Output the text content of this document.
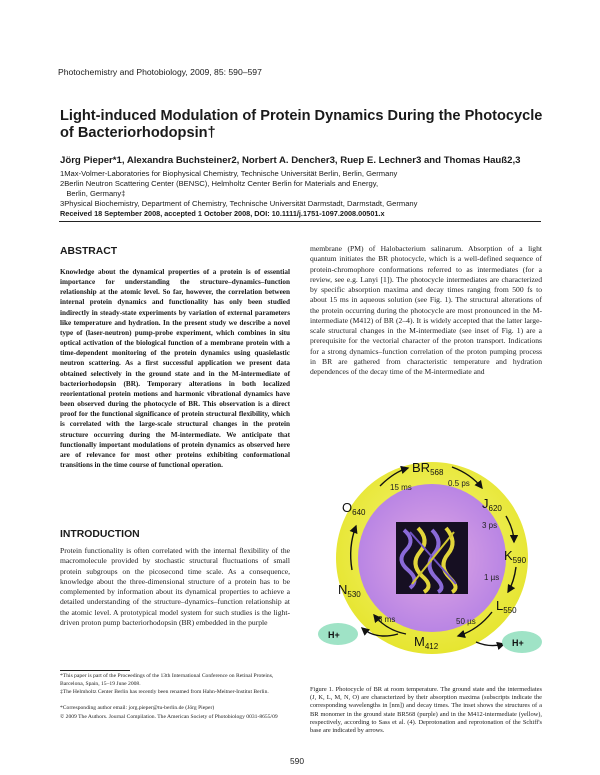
Photochemistry and Photobiology, 2009, 85: 590–597
Light-induced Modulation of Protein Dynamics During the Photocycle of Bacteriorhodopsin†
Jörg Pieper*1, Alexandra Buchsteiner2, Norbert A. Dencher3, Ruep E. Lechner3 and Thomas Hauß2,3
1Max-Volmer-Laboratories for Biophysical Chemistry, Technische Universität Berlin, Berlin, Germany
2Berlin Neutron Scattering Center (BENSC), Helmholtz Center Berlin for Materials and Energy,
Berlin, Germany‡
3Physical Biochemistry, Department of Chemistry, Technische Universität Darmstadt, Darmstadt, Germany
Received 18 September 2008, accepted 1 October 2008, DOI: 10.1111/j.1751-1097.2008.00501.x
ABSTRACT

Knowledge about the dynamical properties of a protein is of essential importance for understanding the structure–dynamics–function relationship at the atomic level. So far, however, the correlation between internal protein dynamics and functionality has only been studied indirectly in steady-state experiments by variation of external parameters like temperature and hydration. In the present study we describe a novel type of (laser-neutron) pump-probe experiment, which combines in situ optical activation of the biological function of a membrane protein with a time-dependent monitoring of the protein dynamics using quasielastic neutron scattering. As a first successful application we present data obtained selectively in the ground state and in the M-intermediate of bacteriorhodopsin (BR). Temporary alterations in both localized reorientational protein motions and harmonic vibrational dynamics have been observed during the photocycle of BR. This observation is a direct proof for the functional significance of protein structural flexibility, which is correlated with the large-scale structural changes in the protein structure occurring during the M-intermediate. We anticipate that functionally important modulations of protein dynamics as observed here are of relevance for most other proteins exhibiting conformational transitions in the time course of functional operation.

INTRODUCTION

Protein functionality is often correlated with the internal flexibility of the macromolecule provided by stochastic structural fluctuations of small protein subgroups on the picosecond time scale. As a consequence, knowledge about the three-dimensional structure of a protein has to be complemented by information about its dynamical properties to achieve a detailed understanding of the structure–dynamics–function relationship at the atomic level. A prototypical model system for such studies is the light-driven proton pump bacteriorhodopsin (BR) embedded in the purple

*This paper is part of the Proceedings of the 13th International Conference on Retinal Proteins, Barcelona, Spain, 15–19 June 2008.
‡The Helmholtz Center Berlin has recently been renamed from Hahn-Meitner-Institut Berlin.
*Corresponding author email: jorg.pieper@tu-berlin.de (Jörg Pieper)
© 2009 The Authors. Journal Compilation. The American Society of Photobiology 0031-8655/09

membrane (PM) of Halobacterium salinarum. Absorption of a light quantum initiates the BR photocycle, which is a well-defined sequence of protein-chromophore conformations referred to as intermediates (for a review, see e.g. Lanyi [1]). The photocycle intermediates are characterized by specific absorption maxima and decay times ranging from 500 fs to about 15 ms in aqueous solution (see Fig. 1). The structural alterations of the protein occurring during the photocycle are most pronounced in the M-intermediate (M412) of BR (2–4). It is widely accepted that the latter large-scale structural changes in the M-intermediate (see inset of Fig. 1) are a prerequisite for the vectorial character of the proton transport. Indications for a strong dynamics–function correlation of the proton pumping process in BR are gathered from characteristic temperature and hydration dependences of the decay time of the M-intermediate and

$BR_{568}$
$J_{620}$
$K_{590}$
$L_{550}$
$M_{412}$
$N_{530}$
$O_{640}$
0.5 ps
3 ps
1 µs
50 µs
3 ms
15 ms
H+
H+
Figure 1. Photocycle of BR at room temperature. The ground state and the intermediates (J, K, L, M, N, O) are characterized by their absorption maxima (subscripts indicate the corresponding wavelengths in [nm]) and decay times. The inset shows the structures of a BR monomer in the ground state BR568 (purple) and in the M412-intermediate (yellow), respectively, according to Sass et al. (4). Deprotonation and reprotonation of the Schiff's base are indicated by arrows.
590
